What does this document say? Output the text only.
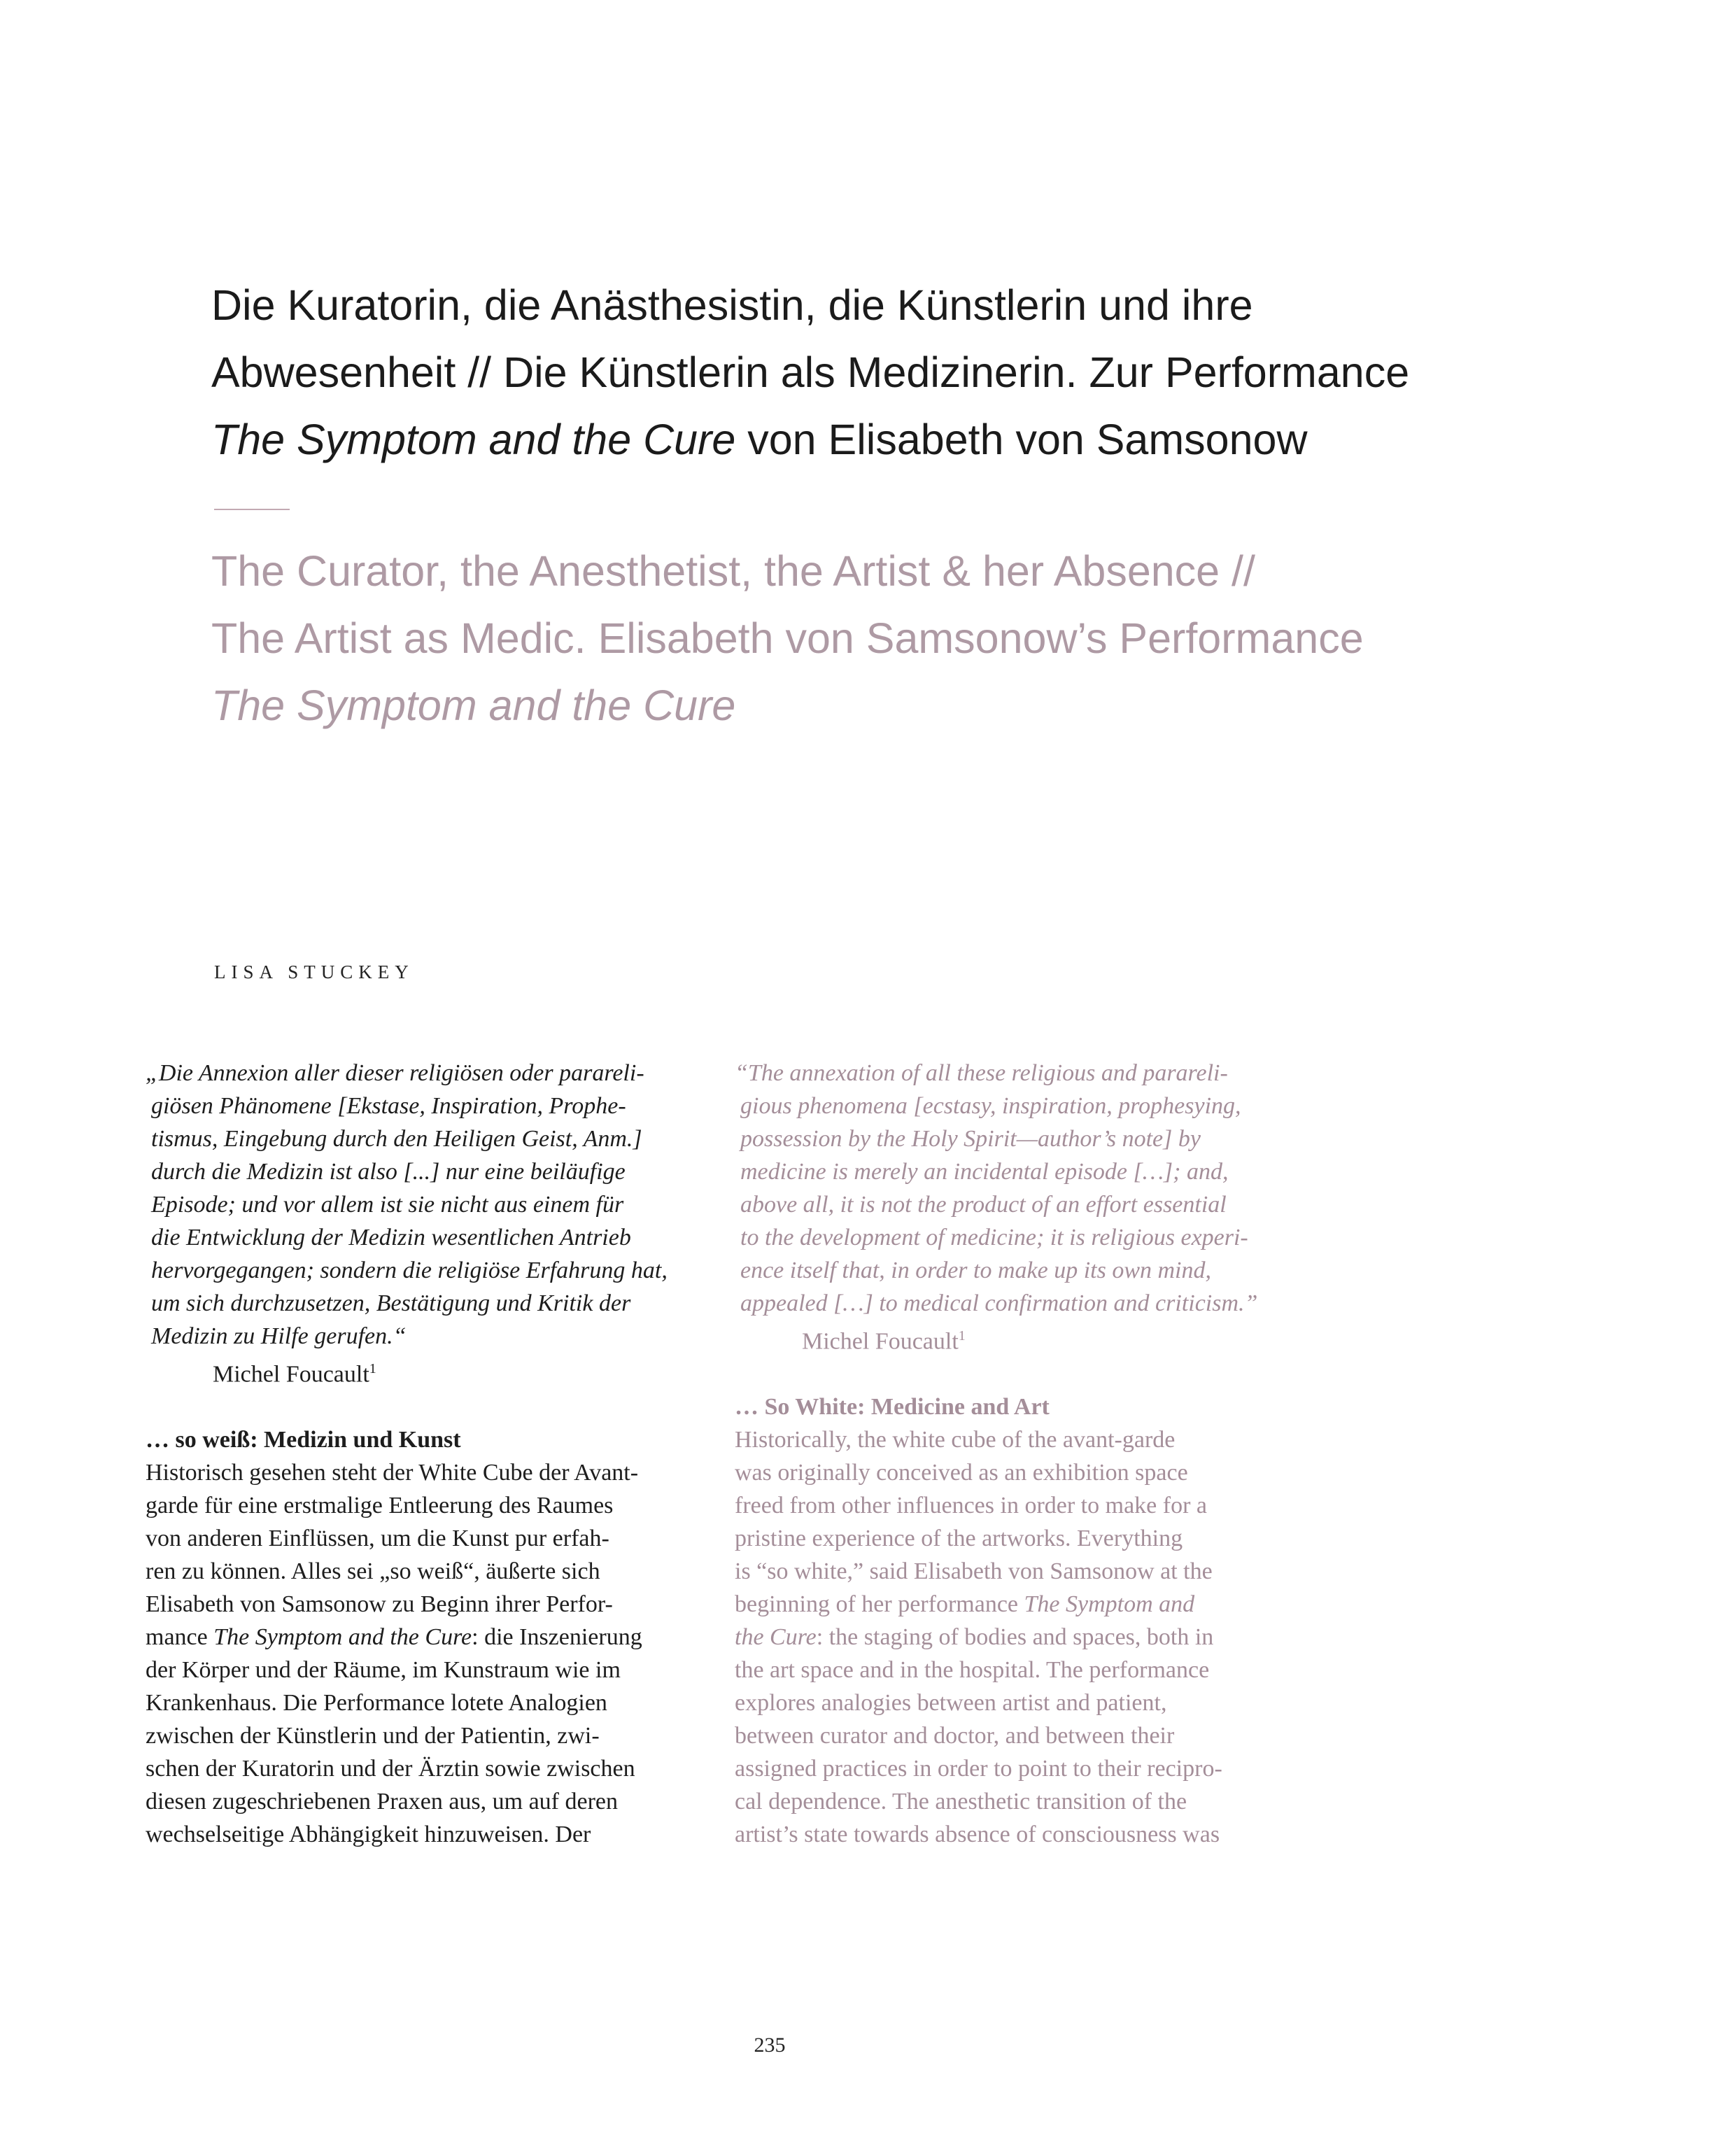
Die Kuratorin, die Anästhesistin, die Künstlerin und ihre
Abwesenheit // Die Künstlerin als Medizinerin. Zur Performance
The Symptom and the Cure von Elisabeth von Samsonow
The Curator, the Anesthetist, the Artist & her Absence //
The Artist as Medic. Elisabeth von Samsonow’s Performance
The Symptom and the Cure
LISA STUCKEY

„Die Annexion aller dieser religiösen oder parareli-
giösen Phänomene [Ekstase, Inspiration, Prophe-
tismus, Eingebung durch den Heiligen Geist, Anm.]
durch die Medizin ist also [...] nur eine beiläufige
Episode; und vor allem ist sie nicht aus einem für
die Entwicklung der Medizin wesentlichen Antrieb
hervorgegangen; sondern die religiöse Erfahrung hat,
um sich durchzusetzen, Bestätigung und Kritik der
Medizin zu Hilfe gerufen.“

Michel Foucault$^1$

… so weiß: Medizin und Kunst

Historisch gesehen steht der White Cube der Avant-
garde für eine erstmalige Entleerung des Raumes
von anderen Einflüssen, um die Kunst pur erfah-
ren zu können. Alles sei „so weiß“, äußerte sich
Elisabeth von Samsonow zu Beginn ihrer Perfor-
mance The Symptom and the Cure: die Inszenierung
der Körper und der Räume, im Kunstraum wie im
Krankenhaus. Die Performance lotete Analogien
zwischen der Künstlerin und der Patientin, zwi-
schen der Kuratorin und der Ärztin sowie zwischen
diesen zugeschriebenen Praxen aus, um auf deren
wechselseitige Abhängigkeit hinzuweisen. Der

“The annexation of all these religious and parareli-
gious phenomena [ecstasy, inspiration, prophesying,
possession by the Holy Spirit—author’s note] by
medicine is merely an incidental episode […]; and,
above all, it is not the product of an effort essential
to the development of medicine; it is religious experi-
ence itself that, in order to make up its own mind,
appealed […] to medical confirmation and criticism.”

Michel Foucault$^1$

… So White: Medicine and Art

Historically, the white cube of the avant-garde
was originally conceived as an exhibition space
freed from other influences in order to make for a
pristine experience of the artworks. Everything
is “so white,” said Elisabeth von Samsonow at the
beginning of her performance The Symptom and
the Cure: the staging of bodies and spaces, both in
the art space and in the hospital. The performance
explores analogies between artist and patient,
between curator and doctor, and between their
assigned practices in order to point to their recipro-
cal dependence. The anesthetic transition of the
artist’s state towards absence of consciousness was

235
